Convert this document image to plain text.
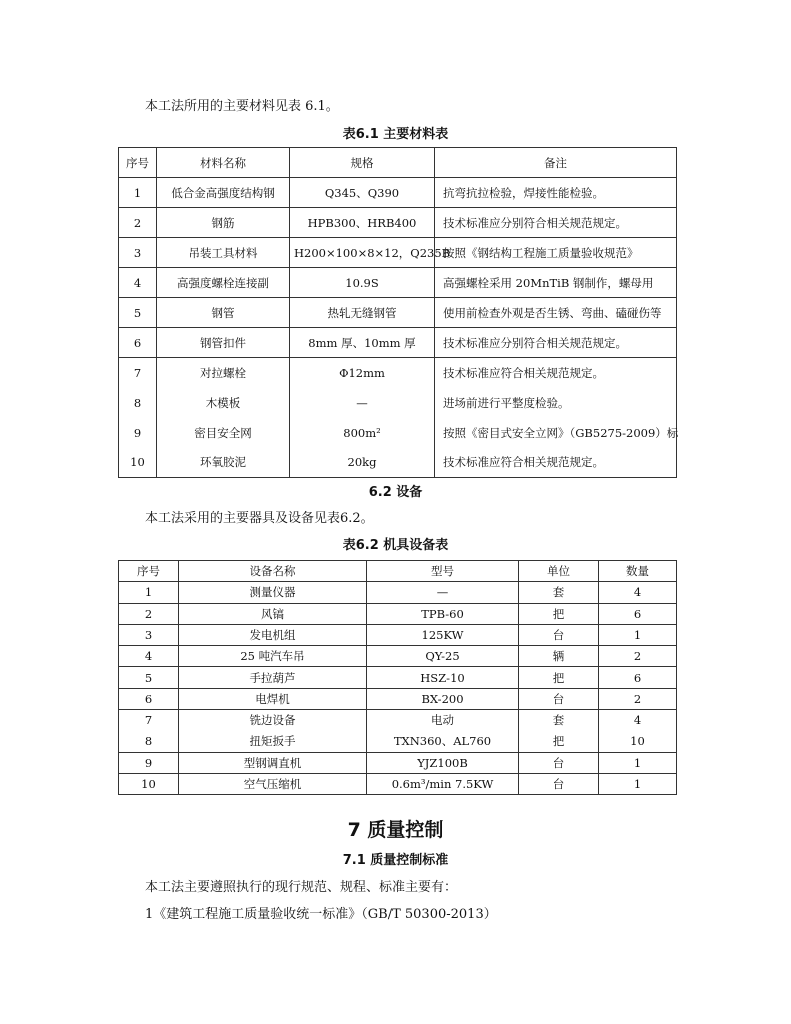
本工法所用的主要材料见表 6.1。

表6.1 主要材料表

序号	材料名称	规格	备注
1	低合金高强度结构钢	Q345、Q390	抗弯抗拉检验，焊接性能检验。
2	钢筋	HPB300、HRB400	技术标准应分别符合相关规范规定。
3	吊装工具材料	H200×100×8×12，Q235B	按照《钢结构工程施工质量验收规范》
4	高强度螺栓连接副	10.9S	高强螺栓采用 20MnTiB 钢制作，螺母用
5	钢管	热轧无缝钢管	使用前检查外观是否生锈、弯曲、磕碰伤等
6	钢管扣件	8mm 厚、10mm 厚	技术标准应分别符合相关规范规定。
7	对拉螺栓	Φ12mm	技术标准应符合相关规范规定。
8	木模板	—	进场前进行平整度检验。
9	密目安全网	800m²	按照《密目式安全立网》（GB5275-2009）标
10	环氧胶泥	20kg	技术标准应符合相关规范规定。

6.2 设备

本工法采用的主要器具及设备见表6.2。

表6.2 机具设备表

序号	设备名称	型号	单位	数量
1	测量仪器	—	套	4
2	风镐	TPB-60	把	6
3	发电机组	125KW	台	1
4	25 吨汽车吊	QY-25	辆	2
5	手拉葫芦	HSZ-10	把	6
6	电焊机	BX-200	台	2
7	铣边设备	电动	套	4
8	扭矩扳手	TXN360、AL760	把	10
9	型钢调直机	YJZ100B	台	1
10	空气压缩机	0.6m³/min 7.5KW	台	1

7 质量控制

7.1 质量控制标准

本工法主要遵照执行的现行规范、规程、标准主要有：

1《建筑工程施工质量验收统一标准》（GB/T 50300-2013）
